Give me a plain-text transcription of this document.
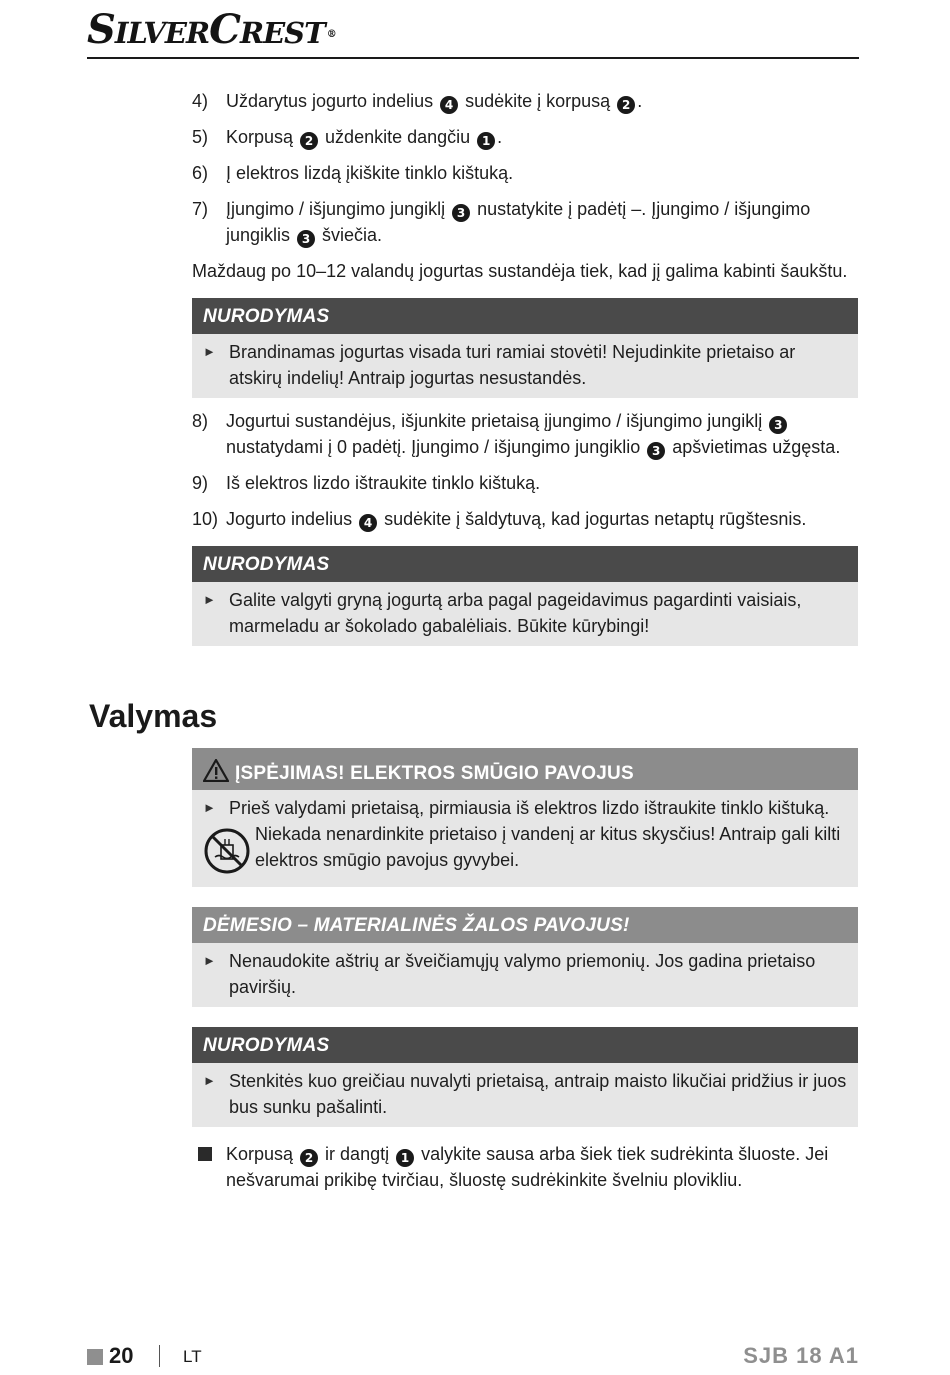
SILVERCREST ®
4) Uždarytus jogurto indelius 4 sudėkite į korpusą 2 .
5) Korpusą 2 uždenkite dangčiu 1 .
6) Į elektros lizdą įkiškite tinklo kištuką.
7) Įjungimo / išjungimo jungiklį 3 nustatykite į padėtį –. Įjungimo / išjungimo jungiklis 3 šviečia.
Maždaug po 10–12 valandų jogurtas sustandėja tiek, kad jį galima kabinti šaukštu.
NURODYMAS
► Brandinamas jogurtas visada turi ramiai stovėti! Nejudinkite prietaiso ar atskirų indelių! Antraip jogurtas nesustandės.
8) Jogurtui sustandėjus, išjunkite prietaisą įjungimo / išjungimo jungiklį 3 nustatydami į 0 padėtį. Įjungimo / išjungimo jungiklio 3 apšvietimas užgęsta.
9) Iš elektros lizdo ištraukite tinklo kištuką.
10) Jogurto indelius 4 sudėkite į šaldytuvą, kad jogurtas netaptų rūgštesnis.
NURODYMAS
► Galite valgyti gryną jogurtą arba pagal pageidavimus pagardinti vaisiais, marmeladu ar šokolado gabalėliais. Būkite kūrybingi!
Valymas
ĮSPĖJIMAS! ELEKTROS SMŪGIO PAVOJUS
► Prieš valydami prietaisą, pirmiausia iš elektros lizdo ištraukite tinklo kištuką.
Niekada nenardinkite prietaiso į vandenį ar kitus skysčius! Antraip gali kilti elektros smūgio pavojus gyvybei.
DĖMESIO – MATERIALINĖS ŽALOS PAVOJUS!
► Nenaudokite aštrių ar šveičiamųjų valymo priemonių. Jos gadina prietaiso paviršių.
NURODYMAS
► Stenkitės kuo greičiau nuvalyti prietaisą, antraip maisto likučiai pridžius ir juos bus sunku pašalinti.
Korpusą 2 ir dangtį 1 valykite sausa arba šiek tiek sudrėkinta šluoste. Jei nešvarumai prikibę tvirčiau, šluostę sudrėkinkite švelniu plovikliu.
20	LT	SJB 18 A1
